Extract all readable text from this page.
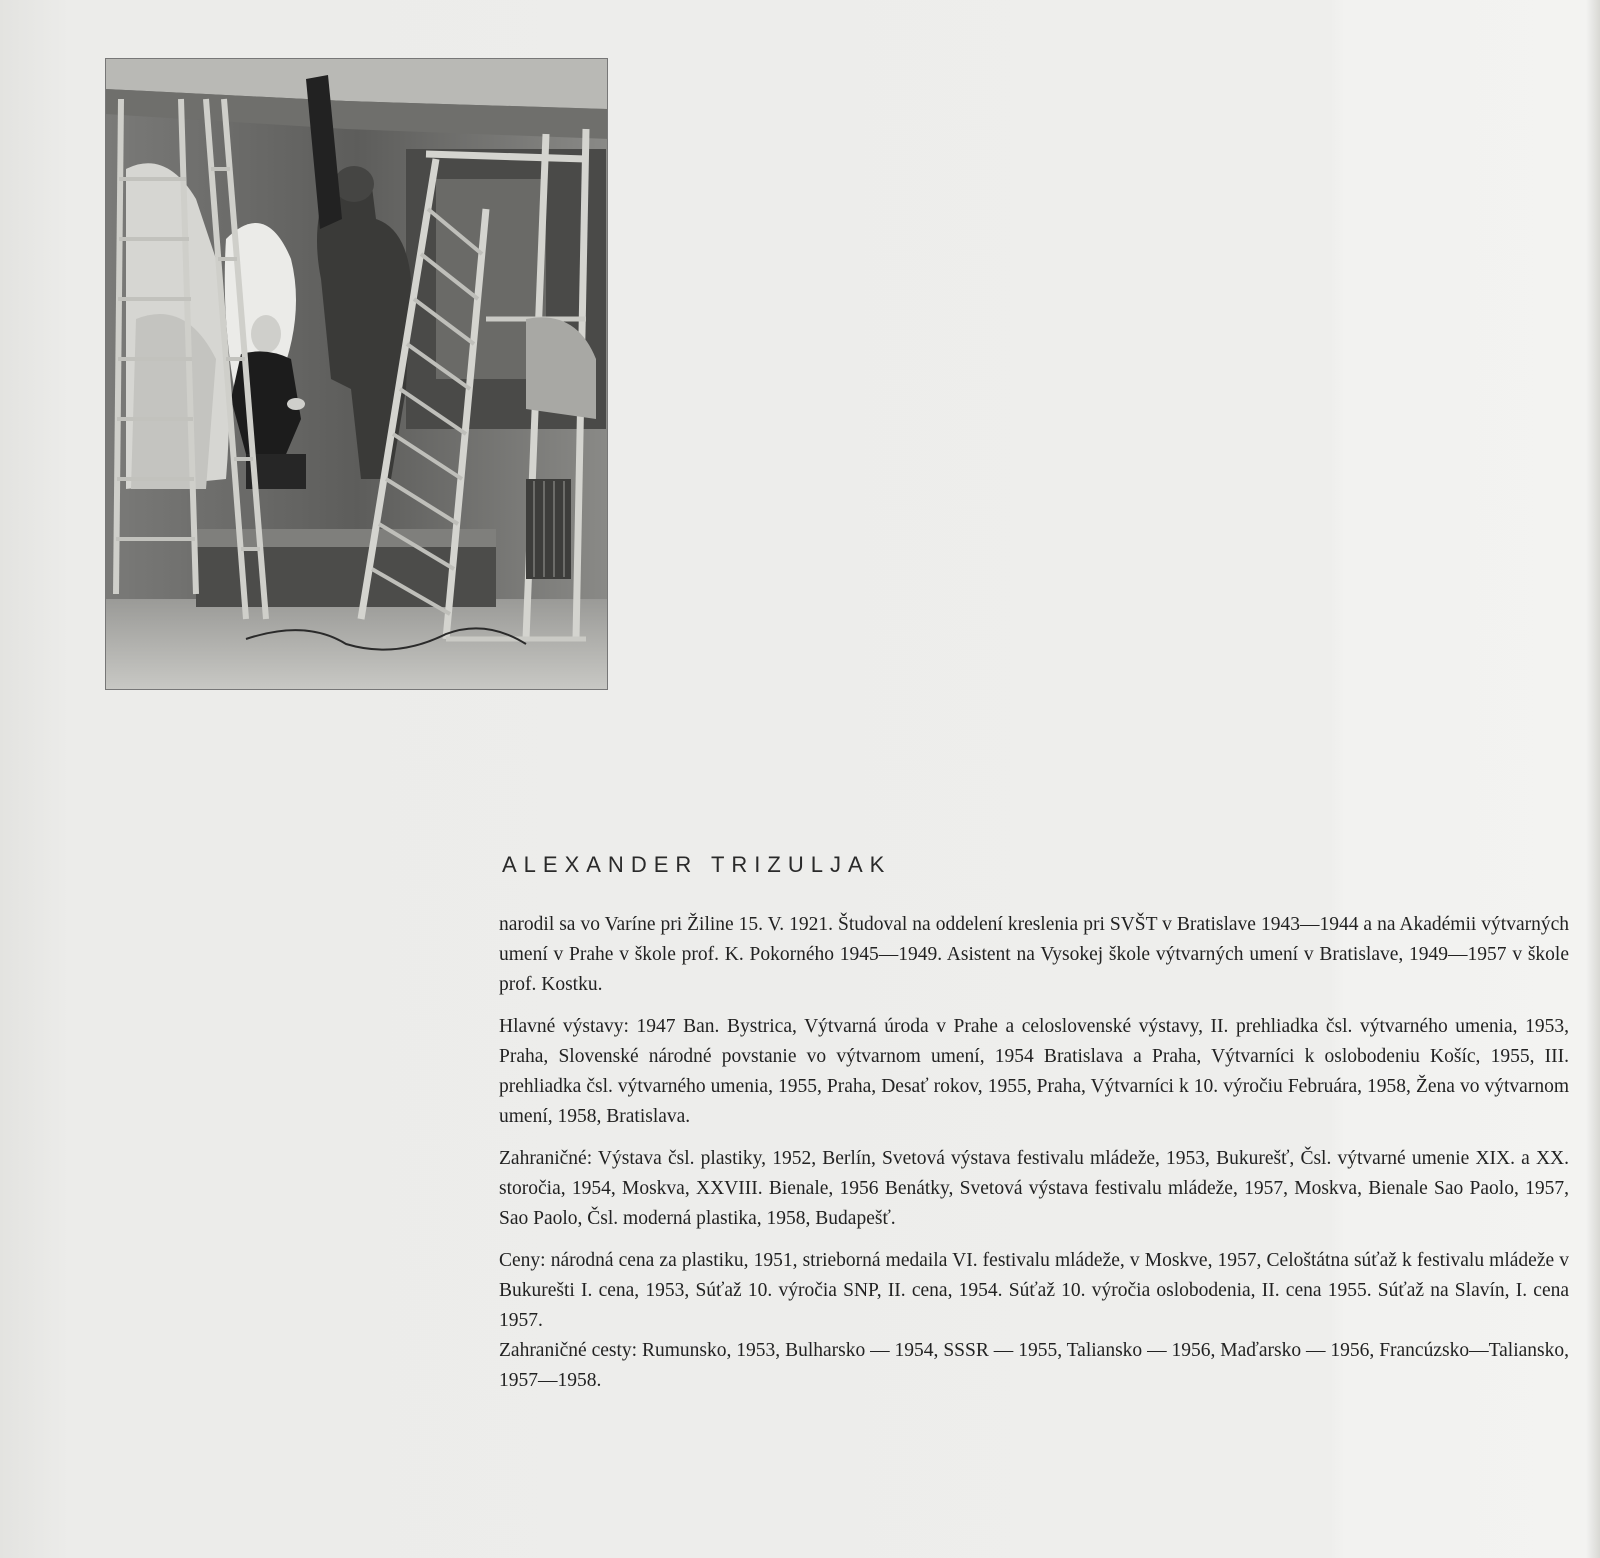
ALEXANDER TRIZULJAK

narodil sa vo Varíne pri Žiline 15. V. 1921. Študoval na oddelení kreslenia pri SVŠT v Bratislave 1943—1944 a na Akadémii výtvarných umení v Prahe v škole prof. K. Pokorného 1945—1949. Asistent na Vysokej škole výtvarných umení v Bratislave, 1949—1957 v škole prof. Kostku.

Hlavné výstavy: 1947 Ban. Bystrica, Výtvarná úroda v Prahe a celoslovenské výstavy, II. prehliadka čsl. výtvarného umenia, 1953, Praha, Slovenské národné povstanie vo výtvarnom umení, 1954 Bratislava a Praha, Výtvarníci k oslobodeniu Košíc, 1955, III. prehliadka čsl. výtvarného umenia, 1955, Praha, Desať rokov, 1955, Praha, Výtvarníci k 10. výročiu Februára, 1958, Žena vo výtvarnom umení, 1958, Bratislava.

Zahraničné: Výstava čsl. plastiky, 1952, Berlín, Svetová výstava festivalu mládeže, 1953, Bukurešť, Čsl. výtvarné umenie XIX. a XX. storočia, 1954, Moskva, XXVIII. Bienale, 1956 Benátky, Svetová výstava festivalu mládeže, 1957, Moskva, Bienale Sao Paolo, 1957, Sao Paolo, Čsl. moderná plastika, 1958, Budapešť.

Ceny: národná cena za plastiku, 1951, strieborná medaila VI. festivalu mládeže, v Moskve, 1957, Celoštátna súťaž k festivalu mládeže v Bukurešti I. cena, 1953, Súťaž 10. výročia SNP, II. cena, 1954. Súťaž 10. výročia oslobodenia, II. cena 1955. Súťaž na Slavín, I. cena 1957.

Zahraničné cesty: Rumunsko, 1953, Bulharsko — 1954, SSSR — 1955, Taliansko — 1956, Maďarsko — 1956, Francúzsko—Taliansko, 1957—1958.
